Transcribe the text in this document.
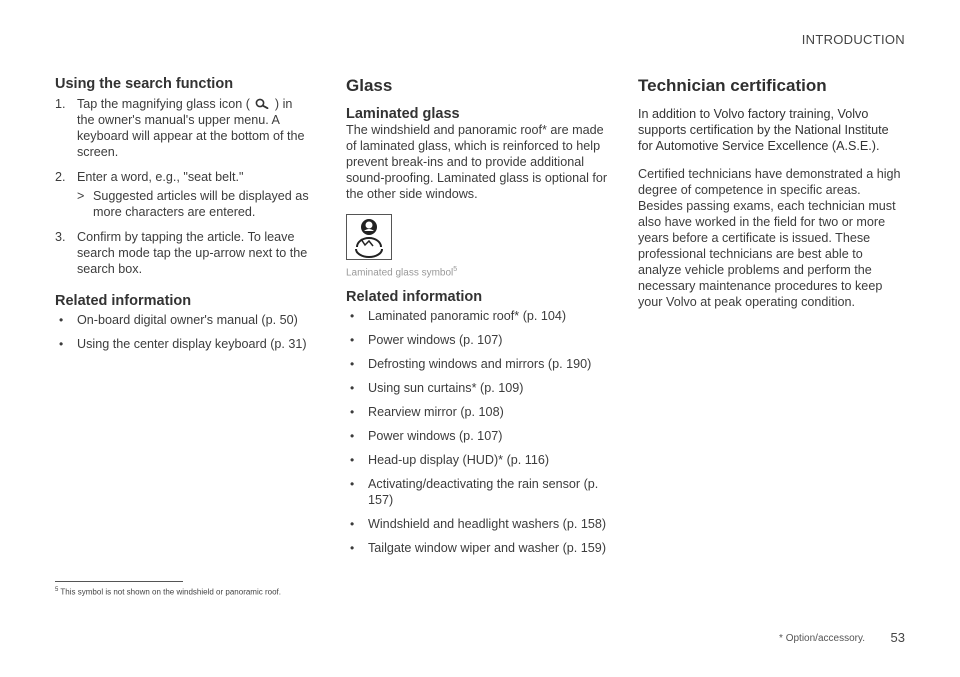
INTRODUCTION
Using the search function
1. Tap the magnifying glass icon ( ) in the owner's manual's upper menu. A keyboard will appear at the bottom of the screen.
2. Enter a word, e.g., "seat belt."
> Suggested articles will be displayed as more characters are entered.
3. Confirm by tapping the article. To leave search mode tap the up-arrow next to the search box.
Related information
• On-board digital owner's manual (p. 50)
• Using the center display keyboard (p. 31)
Glass
Laminated glass

The windshield and panoramic roof* are made of laminated glass, which is reinforced to help prevent break-ins and to provide additional sound-proofing. Laminated glass is optional for the other side windows.

Laminated glass symbol$^5$
Related information
• Laminated panoramic roof* (p. 104)
• Power windows (p. 107)
• Defrosting windows and mirrors (p. 190)
• Using sun curtains* (p. 109)
• Rearview mirror (p. 108)
• Power windows (p. 107)
• Head-up display (HUD)* (p. 116)
• Activating/deactivating the rain sensor (p. 157)
• Windshield and headlight washers (p. 158)
• Tailgate window wiper and washer (p. 159)
Technician certification

In addition to Volvo factory training, Volvo supports certification by the National Institute for Automotive Service Excellence (A.S.E.).

Certified technicians have demonstrated a high degree of competence in specific areas. Besides passing exams, each technician must also have worked in the field for two or more years before a certificate is issued. These professional technicians are best able to analyze vehicle problems and perform the necessary maintenance procedures to keep your Volvo at peak operating condition.

$^5$ This symbol is not shown on the windshield or panoramic roof.
* Option/accessory. 53
